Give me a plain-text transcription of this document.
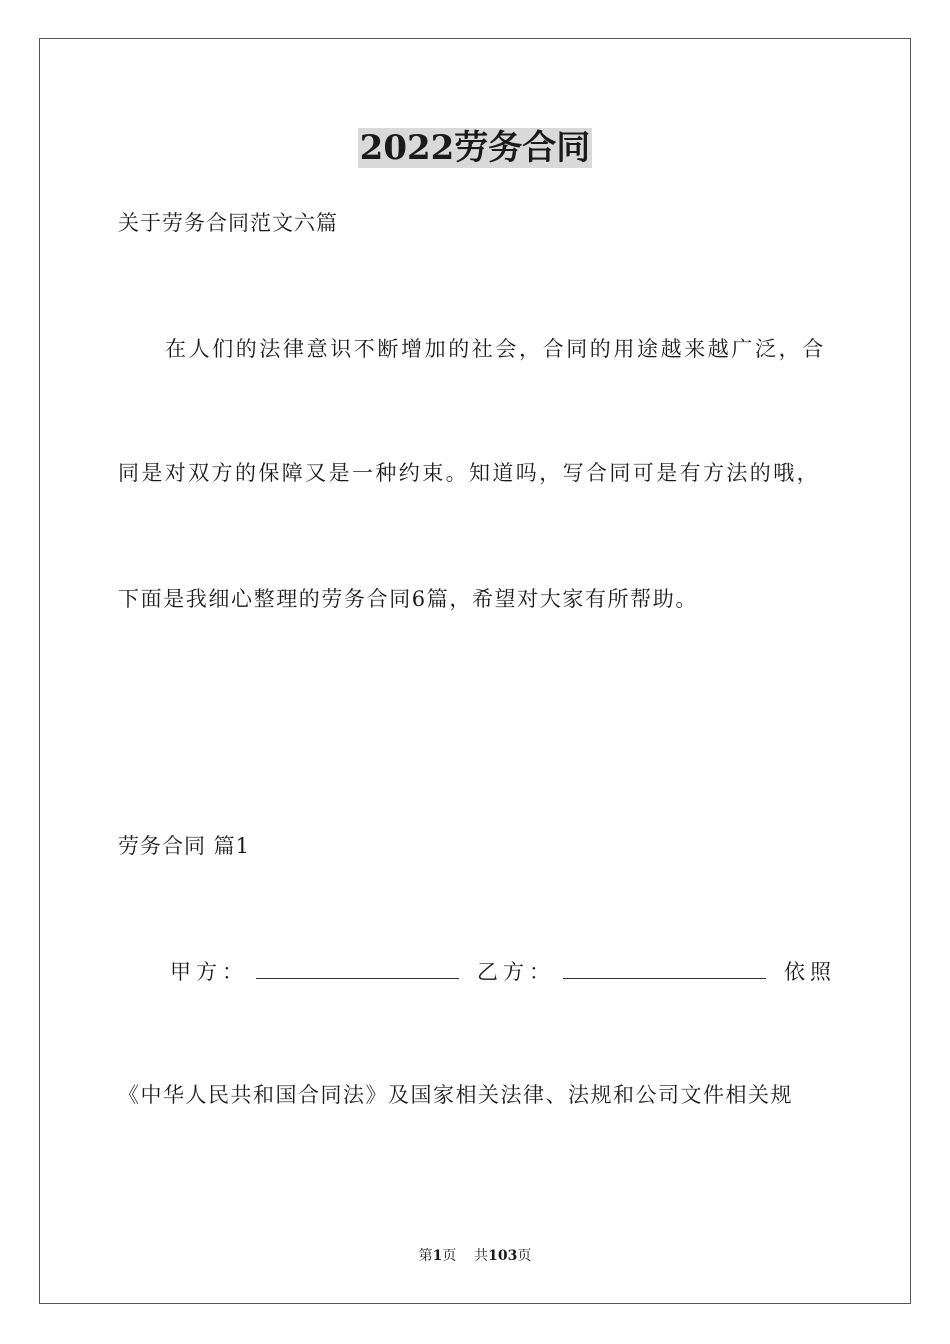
2022劳务合同
关于劳务合同范文六篇
在人们的法律意识不断增加的社会，合同的用途越来越广泛，合
同是对双方的保障又是一种约束。知道吗，写合同可是有方法的哦，
下面是我细心整理的劳务合同6篇，希望对大家有所帮助。
劳务合同 篇1
甲方：	乙方：	依照
《中华人民共和国合同法》及国家相关法律、法规和公司文件相关规
第1页 共103页
